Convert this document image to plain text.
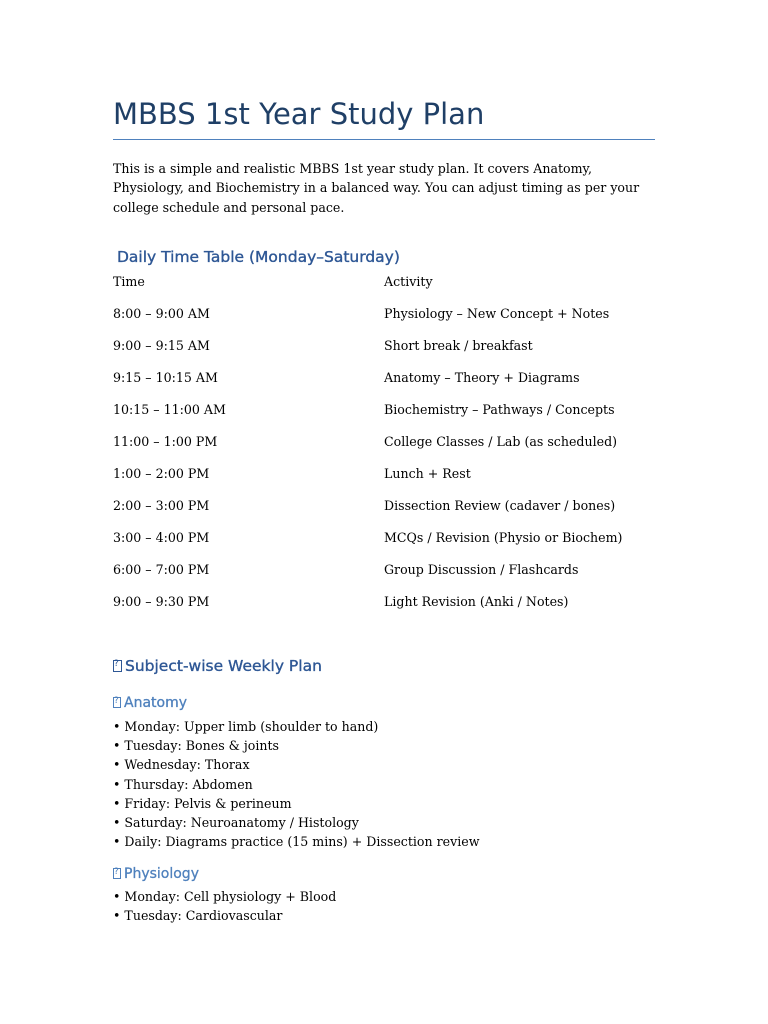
MBBS 1st Year Study Plan
This is a simple and realistic MBBS 1st year study plan. It covers Anatomy, Physiology, and Biochemistry in a balanced way. You can adjust timing as per your college schedule and personal pace.
Daily Time Table (Monday–Saturday)
Time	Activity
8:00 – 9:00 AM	Physiology – New Concept + Notes
9:00 – 9:15 AM	Short break / breakfast
9:15 – 10:15 AM	Anatomy – Theory + Diagrams
10:15 – 11:00 AM	Biochemistry – Pathways / Concepts
11:00 – 1:00 PM	College Classes / Lab (as scheduled)
1:00 – 2:00 PM	Lunch + Rest
2:00 – 3:00 PM	Dissection Review (cadaver / bones)
3:00 – 4:00 PM	MCQs / Revision (Physio or Biochem)
6:00 – 7:00 PM	Group Discussion / Flashcards
9:00 – 9:30 PM	Light Revision (Anki / Notes)
?Subject-wise Weekly Plan
?Anatomy
• Monday: Upper limb (shoulder to hand)
• Tuesday: Bones & joints
• Wednesday: Thorax
• Thursday: Abdomen
• Friday: Pelvis & perineum
• Saturday: Neuroanatomy / Histology
• Daily: Diagrams practice (15 mins) + Dissection review
?Physiology
• Monday: Cell physiology + Blood
• Tuesday: Cardiovascular
